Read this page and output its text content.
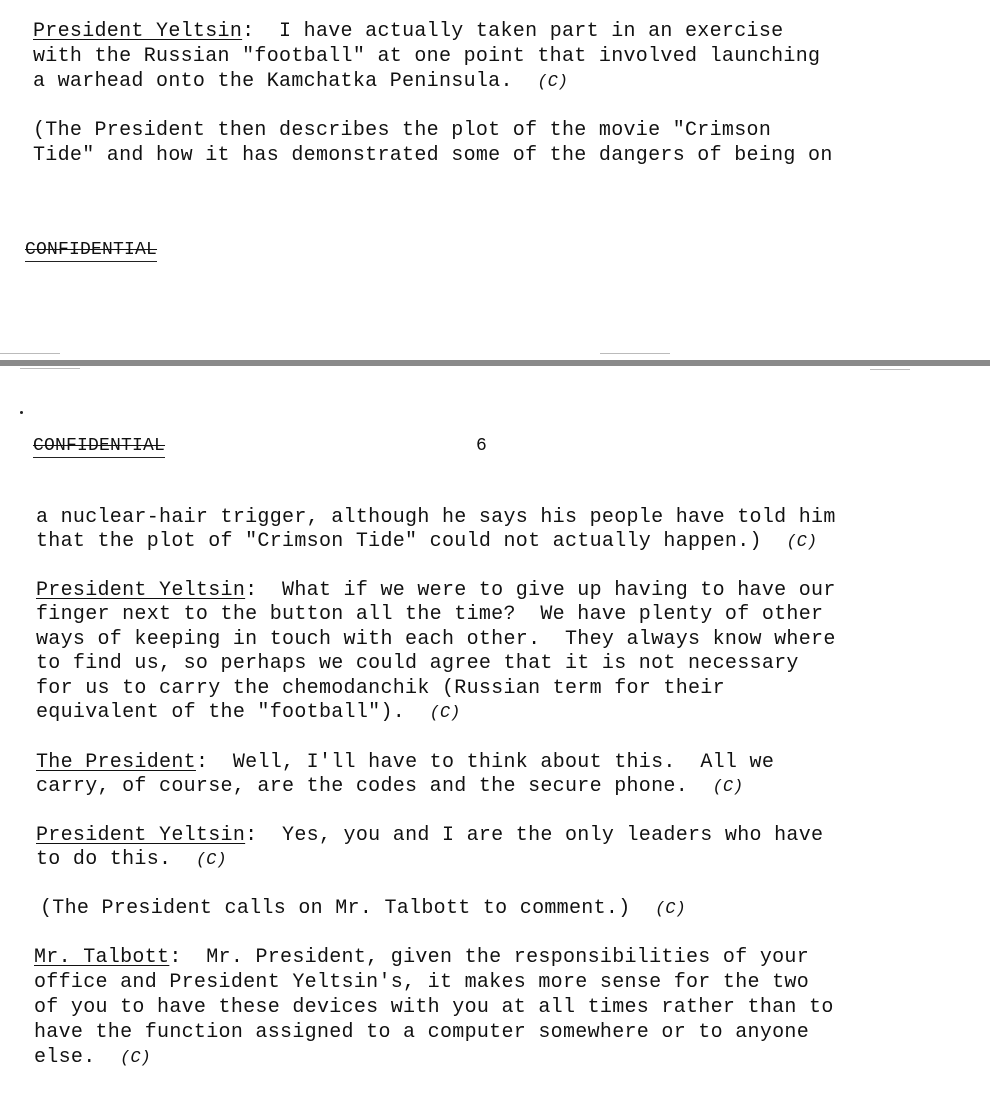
President Yeltsin:  I have actually taken part in an exercise
with the Russian "football" at one point that involved launching
a warhead onto the Kamchatka Peninsula. (C)
(The President then describes the plot of the movie "Crimson
Tide" and how it has demonstrated some of the dangers of being on
CONFIDENTIAL
CONFIDENTIAL	6
a nuclear-hair trigger, although he says his people have told him
that the plot of "Crimson Tide" could not actually happen.) (C)
President Yeltsin:  What if we were to give up having to have our
finger next to the button all the time?  We have plenty of other
ways of keeping in touch with each other.  They always know where
to find us, so perhaps we could agree that it is not necessary
for us to carry the chemodanchik (Russian term for their
equivalent of the "football"). (C)
The President:  Well, I'll have to think about this.  All we
carry, of course, are the codes and the secure phone. (C)
President Yeltsin:  Yes, you and I are the only leaders who have
to do this. (C)
(The President calls on Mr. Talbott to comment.) (C)
Mr. Talbott:  Mr. President, given the responsibilities of your
office and President Yeltsin's, it makes more sense for the two
of you to have these devices with you at all times rather than to
have the function assigned to a computer somewhere or to anyone
else. (C)
